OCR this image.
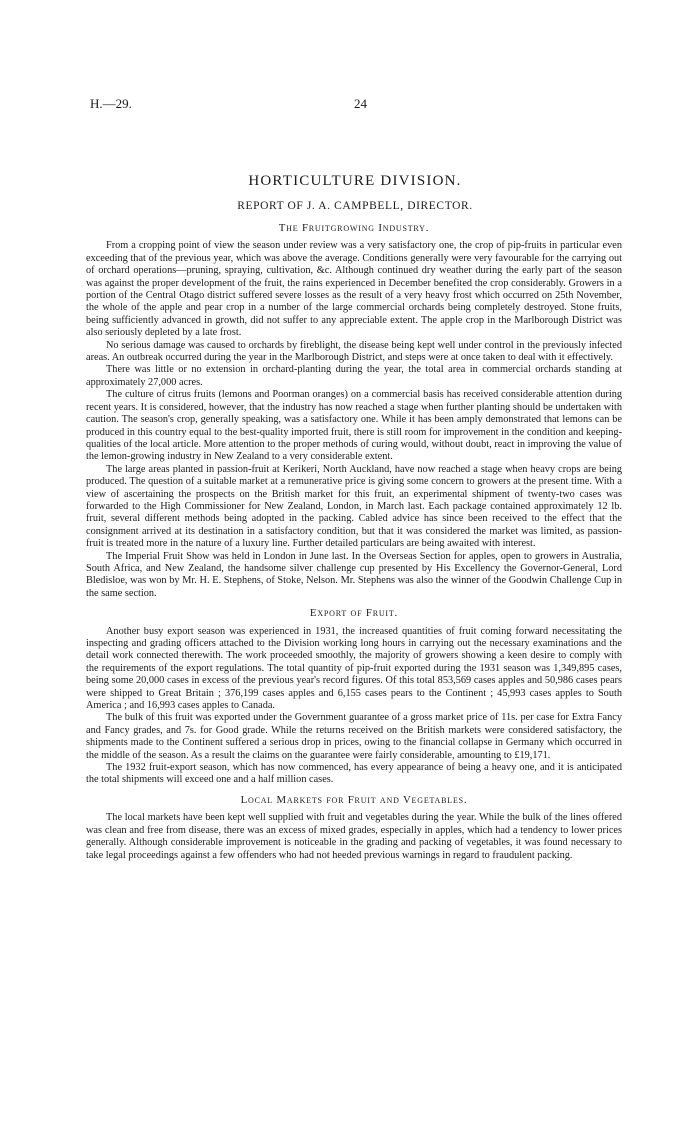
H.—29.	24
HORTICULTURE DIVISION.
REPORT OF J. A. CAMPBELL, DIRECTOR.
The Fruitgrowing Industry.

From a cropping point of view the season under review was a very satisfactory one, the crop of pip-fruits in particular even exceeding that of the previous year, which was above the average. Conditions generally were very favourable for the carrying out of orchard operations—pruning, spraying, cultivation, &c. Although continued dry weather during the early part of the season was against the proper development of the fruit, the rains experienced in December benefited the crop considerably. Growers in a portion of the Central Otago district suffered severe losses as the result of a very heavy frost which occurred on 25th November, the whole of the apple and pear crop in a number of the large commercial orchards being completely destroyed. Stone fruits, being sufficiently advanced in growth, did not suffer to any appreciable extent. The apple crop in the Marlborough District was also seriously depleted by a late frost.

No serious damage was caused to orchards by fireblight, the disease being kept well under control in the previously infected areas. An outbreak occurred during the year in the Marlborough District, and steps were at once taken to deal with it effectively.

There was little or no extension in orchard-planting during the year, the total area in commercial orchards standing at approximately 27,000 acres.

The culture of citrus fruits (lemons and Poorman oranges) on a commercial basis has received considerable attention during recent years. It is considered, however, that the industry has now reached a stage when further planting should be undertaken with caution. The season's crop, generally speaking, was a satisfactory one. While it has been amply demonstrated that lemons can be produced in this country equal to the best-quality imported fruit, there is still room for improvement in the condition and keeping-qualities of the local article. More attention to the proper methods of curing would, without doubt, react in improving the value of the lemon-growing industry in New Zealand to a very considerable extent.

The large areas planted in passion-fruit at Kerikeri, North Auckland, have now reached a stage when heavy crops are being produced. The question of a suitable market at a remunerative price is giving some concern to growers at the present time. With a view of ascertaining the prospects on the British market for this fruit, an experimental shipment of twenty-two cases was forwarded to the High Commissioner for New Zealand, London, in March last. Each package contained approximately 12 lb. fruit, several different methods being adopted in the packing. Cabled advice has since been received to the effect that the consignment arrived at its destination in a satisfactory condition, but that it was considered the market was limited, as passion-fruit is treated more in the nature of a luxury line. Further detailed particulars are being awaited with interest.

The Imperial Fruit Show was held in London in June last. In the Overseas Section for apples, open to growers in Australia, South Africa, and New Zealand, the handsome silver challenge cup presented by His Excellency the Governor-General, Lord Bledisloe, was won by Mr. H. E. Stephens, of Stoke, Nelson. Mr. Stephens was also the winner of the Goodwin Challenge Cup in the same section.

Export of Fruit.

Another busy export season was experienced in 1931, the increased quantities of fruit coming forward necessitating the inspecting and grading officers attached to the Division working long hours in carrying out the necessary examinations and the detail work connected therewith. The work proceeded smoothly, the majority of growers showing a keen desire to comply with the requirements of the export regulations. The total quantity of pip-fruit exported during the 1931 season was 1,349,895 cases, being some 20,000 cases in excess of the previous year's record figures. Of this total 853,569 cases apples and 50,986 cases pears were shipped to Great Britain ; 376,199 cases apples and 6,155 cases pears to the Continent ; 45,993 cases apples to South America ; and 16,993 cases apples to Canada.

The bulk of this fruit was exported under the Government guarantee of a gross market price of 11s. per case for Extra Fancy and Fancy grades, and 7s. for Good grade. While the returns received on the British markets were considered satisfactory, the shipments made to the Continent suffered a serious drop in prices, owing to the financial collapse in Germany which occurred in the middle of the season. As a result the claims on the guarantee were fairly considerable, amounting to £19,171.

The 1932 fruit-export season, which has now commenced, has every appearance of being a heavy one, and it is anticipated the total shipments will exceed one and a half million cases.

Local Markets for Fruit and Vegetables.

The local markets have been kept well supplied with fruit and vegetables during the year. While the bulk of the lines offered was clean and free from disease, there was an excess of mixed grades, especially in apples, which had a tendency to lower prices generally. Although considerable improvement is noticeable in the grading and packing of vegetables, it was found necessary to take legal proceedings against a few offenders who had not heeded previous warnings in regard to fraudulent packing.
